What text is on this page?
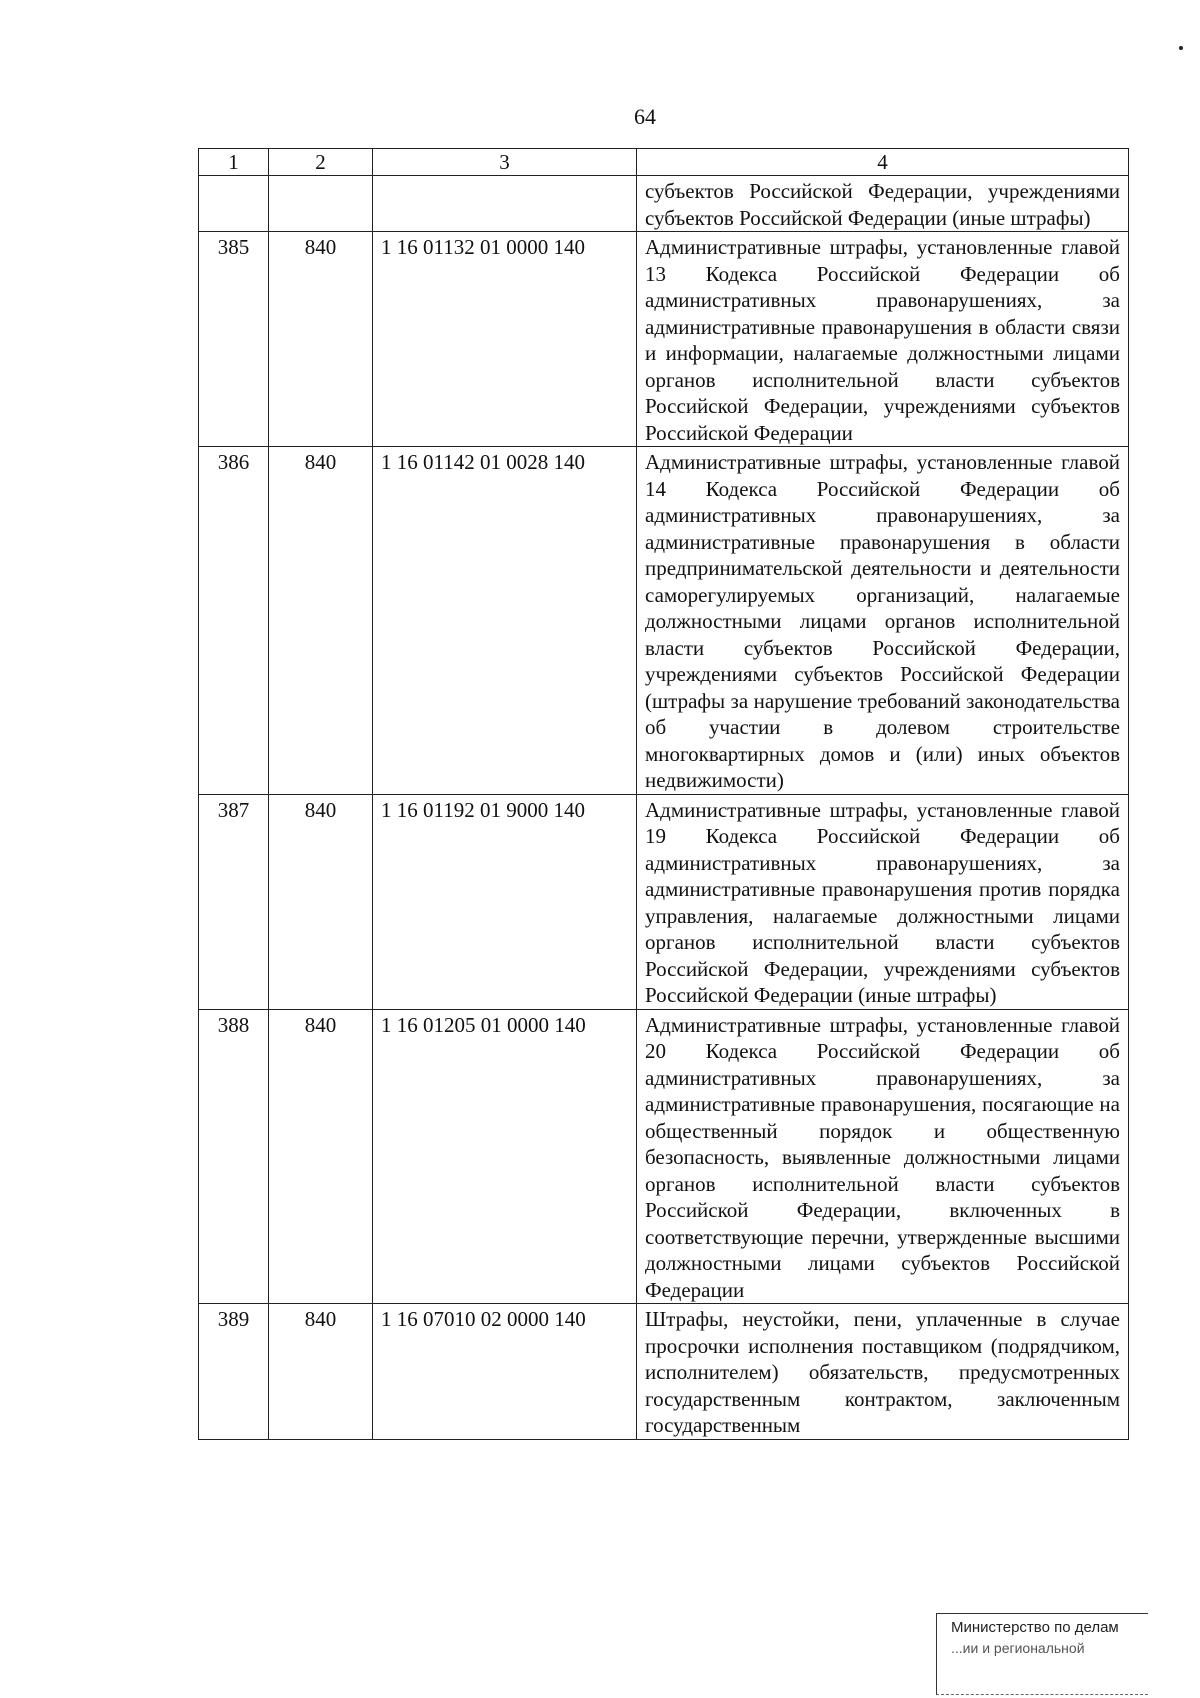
64
1	2	3	4
			субъектов Российской Федерации, учреждениями субъектов Российской Федерации (иные штрафы)
385	840	1 16 01132 01 0000 140	Административные штрафы, установленные главой 13 Кодекса Российской Федерации об административных правонарушениях, за административные правонарушения в области связи и информации, налагаемые должностными лицами органов исполнительной власти субъектов Российской Федерации, учреждениями субъектов Российской Федерации
386	840	1 16 01142 01 0028 140	Административные штрафы, установленные главой 14 Кодекса Российской Федерации об административных правонарушениях, за административные правонарушения в области предпринимательской деятельности и деятельности саморегулируемых организаций, налагаемые должностными лицами органов исполнительной власти субъектов Российской Федерации, учреждениями субъектов Российской Федерации (штрафы за нарушение требований законодательства об участии в долевом строительстве многоквартирных домов и (или) иных объектов недвижимости)
387	840	1 16 01192 01 9000 140	Административные штрафы, установленные главой 19 Кодекса Российской Федерации об административных правонарушениях, за административные правонарушения против порядка управления, налагаемые должностными лицами органов исполнительной власти субъектов Российской Федерации, учреждениями субъектов Российской Федерации (иные штрафы)
388	840	1 16 01205 01 0000 140	Административные штрафы, установленные главой 20 Кодекса Российской Федерации об административных правонарушениях, за административные правонарушения, посягающие на общественный порядок и общественную безопасность, выявленные должностными лицами органов исполнительной власти субъектов Российской Федерации, включенных в соответствующие перечни, утвержденные высшими должностными лицами субъектов Российской Федерации
389	840	1 16 07010 02 0000 140	Штрафы, неустойки, пени, уплаченные в случае просрочки исполнения поставщиком (подрядчиком, исполнителем) обязательств, предусмотренных государственным контрактом, заключенным государственным
Министерство по делам
...ии и региональной
